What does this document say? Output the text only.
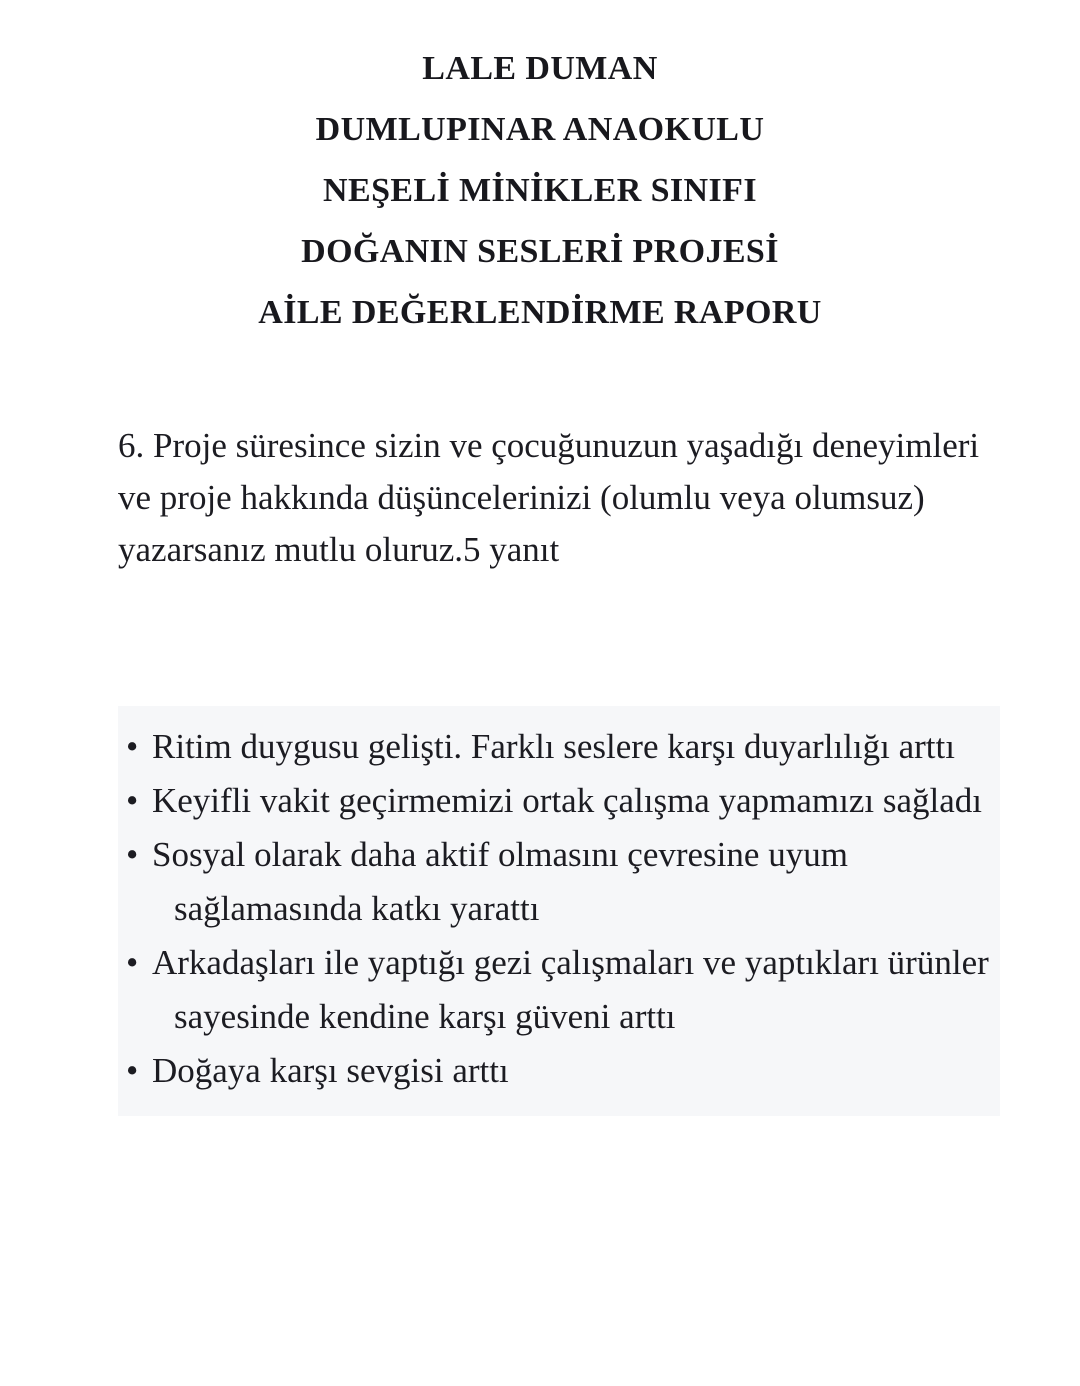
LALE DUMAN
DUMLUPINAR ANAOKULU
NEŞELİ MİNİKLER SINIFI
DOĞANIN SESLERİ PROJESİ
AİLE DEĞERLENDİRME RAPORU
6. Proje süresince sizin ve çocuğunuzun yaşadığı deneyimleri ve proje hakkında düşüncelerinizi (olumlu veya olumsuz) yazarsanız mutlu oluruz.5 yanıt
• Ritim duygusu gelişti. Farklı seslere karşı duyarlılığı arttı
• Keyifli vakit geçirmemizi ortak çalışma yapmamızı sağladı
• Sosyal olarak daha aktif olmasını çevresine uyum sağlamasında katkı yarattı
• Arkadaşları ile yaptığı gezi çalışmaları ve yaptıkları ürünler sayesinde kendine karşı güveni arttı
• Doğaya karşı sevgisi arttı
